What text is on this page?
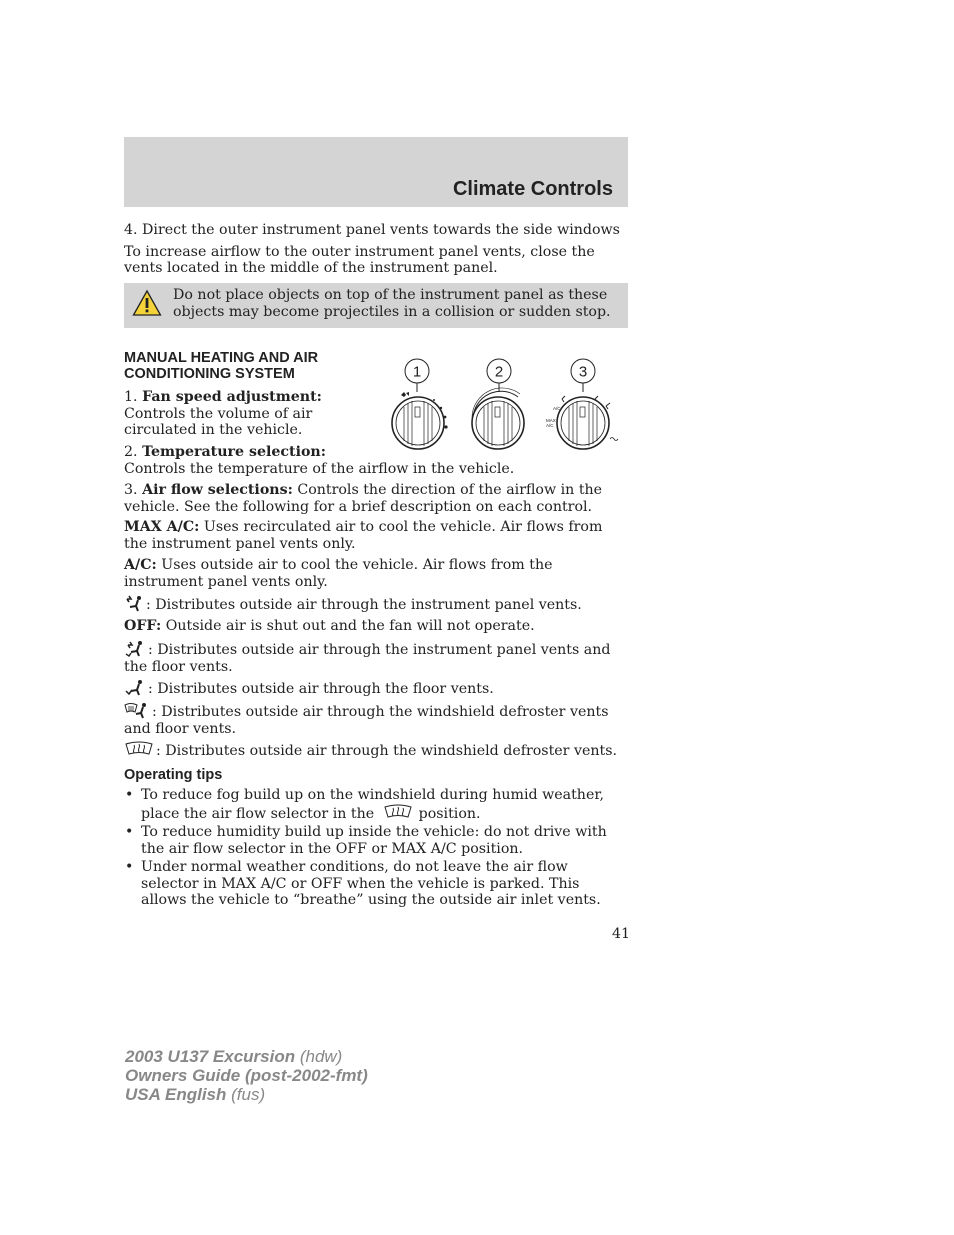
Climate Controls

4. Direct the outer instrument panel vents towards the side windows

To increase airflow to the outer instrument panel vents, close the vents located in the middle of the instrument panel.

Do not place objects on top of the instrument panel as these objects may become projectiles in a collision or sudden stop.
MANUAL HEATING AND AIR CONDITIONING SYSTEM	1	2	3
A/C
MAX
A/C
1. Fan speed adjustment: Controls the volume of air circulated in the vehicle.
2. Temperature selection:
Controls the temperature of the airflow in the vehicle.
3. Air flow selections: Controls the direction of the airflow in the vehicle. See the following for a brief description on each control.
MAX A/C: Uses recirculated air to cool the vehicle. Air flows from the instrument panel vents only.
A/C: Uses outside air to cool the vehicle. Air flows from the instrument panel vents only.
: Distributes outside air through the instrument panel vents.
OFF: Outside air is shut out and the fan will not operate.
: Distributes outside air through the instrument panel vents and the floor vents.
: Distributes outside air through the floor vents.
: Distributes outside air through the windshield defroster vents and floor vents.
: Distributes outside air through the windshield defroster vents.
Operating tips
• To reduce fog build up on the windshield during humid weather, place the air flow selector in the	position.
• To reduce humidity build up inside the vehicle: do not drive with the air flow selector in the OFF or MAX A/C position.
• Under normal weather conditions, do not leave the air flow selector in MAX A/C or OFF when the vehicle is parked. This allows the vehicle to “breathe” using the outside air inlet vents.
41
2003 U137 Excursion (hdw)
Owners Guide (post-2002-fmt)
USA English (fus)
